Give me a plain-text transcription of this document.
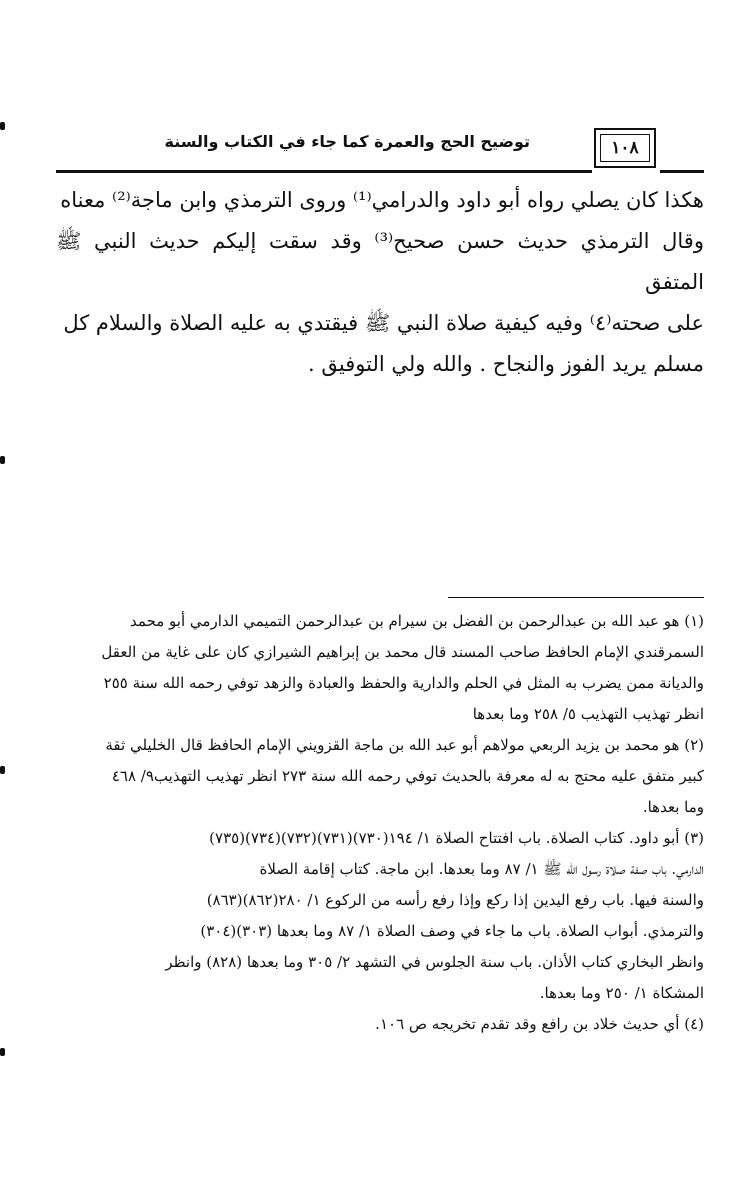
توضيح الحج والعمرة كما جاء في الكتاب والسنة	١٠٨

هكذا كان يصلي رواه أبو داود والدرامي⁽¹⁾ وروى الترمذي وابن ماجة⁽²⁾ معناه

وقال الترمذي حديث حسن صحيح⁽³⁾ وقد سقت إليكم حديث النبي ﷺ المتفق

على صحته⁽٤⁾ وفيه كيفية صلاة النبي ﷺ فيقتدي به عليه الصلاة والسلام كل

مسلم يريد الفوز والنجاح . والله ولي التوفيق .

(١) هو عبد الله بن عبدالرحمن بن الفضل بن سيرام بن عبدالرحمن التميمي الدارمي أبو محمد

السمرقندي الإمام الحافظ صاحب المسند قال محمد بن إبراهيم الشيرازي كان على غاية من العقل

والديانة ممن يضرب به المثل في الحلم والدارية والحفظ والعبادة والزهد توفي رحمه الله سنة ٢٥٥

انظر تهذيب التهذيب ٥/ ٢٥٨ وما بعدها

(٢) هو محمد بن يزيد الربعي مولاهم أبو عبد الله بن ماجة القزويني الإمام الحافظ قال الخليلي ثقة

كبير متفق عليه محتج به له معرفة بالحديث توفي رحمه الله سنة ٢٧٣ انظر تهذيب التهذيب٩/ ٤٦٨

وما بعدها.

(٣) أبو داود. كتاب الصلاة. باب افتتاح الصلاة ١/ ١٩٤(٧٣٠)(٧٣١)(٧٣٢)(٧٣٤)(٧٣٥)

الدارمي. باب صفة صلاة رسول الله ﷺ ١/ ٨٧ وما بعدها. ابن ماجة. كتاب إقامة الصلاة

والسنة فيها. باب رفع اليدين إذا ركع وإذا رفع رأسه من الركوع ١/ ٢٨٠(٨٦٢)(٨٦٣)

والترمذي. أبواب الصلاة. باب ما جاء في وصف الصلاة ١/ ٨٧ وما بعدها (٣٠٣)(٣٠٤)

وانظر البخاري كتاب الأذان. باب سنة الجلوس في التشهد ٢/ ٣٠٥ وما بعدها (٨٢٨) وانظر

المشكاة ١/ ٢٥٠ وما بعدها.

(٤) أي حديث خلاد بن رافع وقد تقدم تخريجه ص ١٠٦.
